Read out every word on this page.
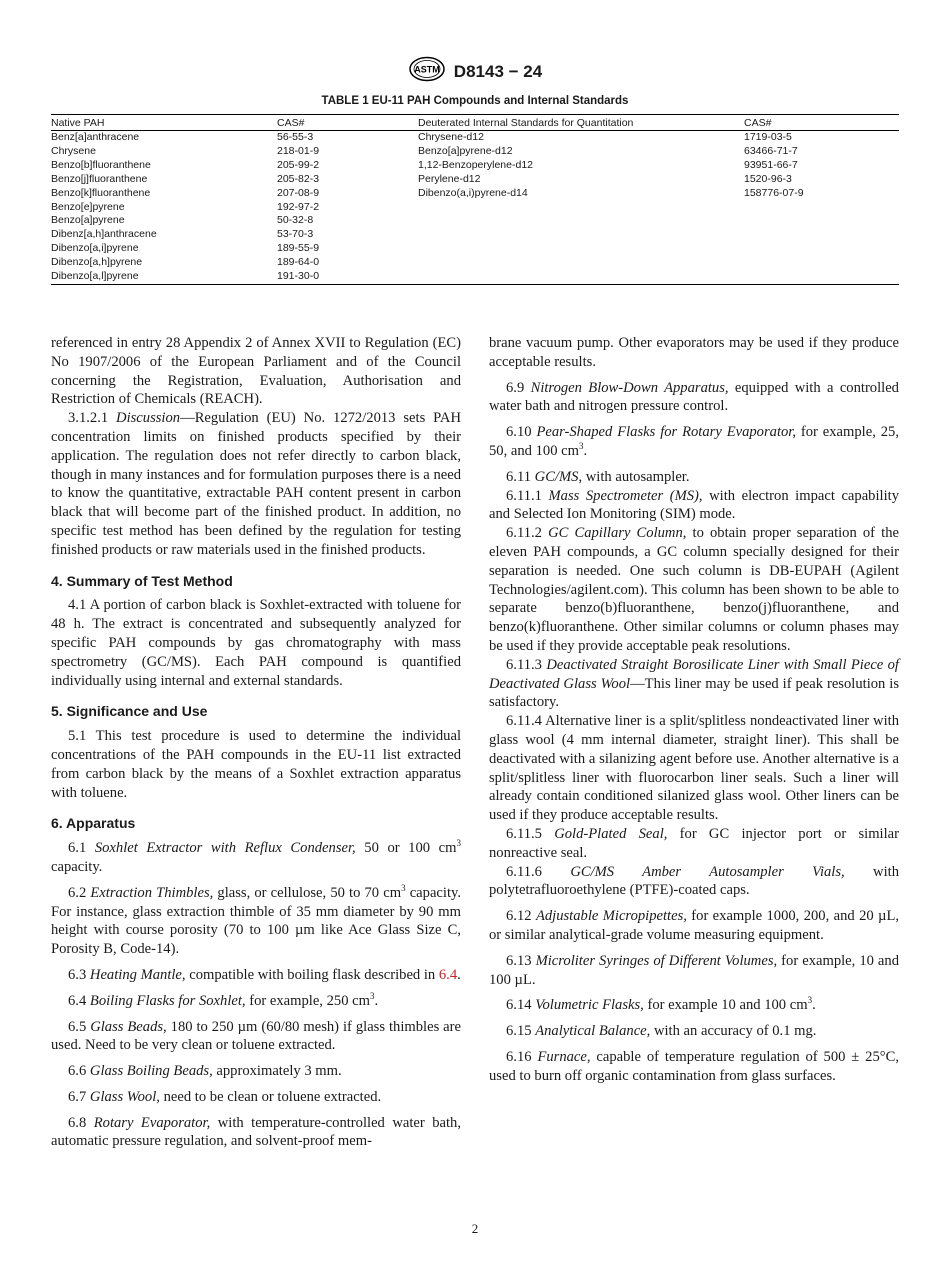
ASTM D8143 − 24
TABLE 1 EU-11 PAH Compounds and Internal Standards
Native PAH	CAS#	Deuterated Internal Standards for Quantitation	CAS#
Benz[a]anthracene	56-55-3	Chrysene-d12	1719-03-5
Chrysene	218-01-9	Benzo[a]pyrene-d12	63466-71-7
Benzo[b]fluoranthene	205-99-2	1,12-Benzoperylene-d12	93951-66-7
Benzo[j]fluoranthene	205-82-3	Perylene-d12	1520-96-3
Benzo[k]fluoranthene	207-08-9	Dibenzo(a,i)pyrene-d14	158776-07-9
Benzo[e]pyrene	192-97-2		
Benzo[a]pyrene	50-32-8		
Dibenz[a,h]anthracene	53-70-3		
Dibenzo[a,i]pyrene	189-55-9		
Dibenzo[a,h]pyrene	189-64-0		
Dibenzo[a,l]pyrene	191-30-0		

referenced in entry 28 Appendix 2 of Annex XVII to Regulation (EC) No 1907/2006 of the European Parliament and of the Council concerning the Registration, Evaluation, Authorisation and Restriction of Chemicals (REACH).

3.1.2.1 Discussion—Regulation (EU) No. 1272/2013 sets PAH concentration limits on finished products specified by their application. The regulation does not refer directly to carbon black, though in many instances and for formulation purposes there is a need to know the quantitative, extractable PAH content present in carbon black that will become part of the finished product. In addition, no specific test method has been defined by the regulation for testing finished products or raw materials used in the finished products.

4. Summary of Test Method

4.1 A portion of carbon black is Soxhlet-extracted with toluene for 48 h. The extract is concentrated and subsequently analyzed for specific PAH compounds by gas chromatography with mass spectrometry (GC/MS). Each PAH compound is quantified individually using internal and external standards.

5. Significance and Use

5.1 This test procedure is used to determine the individual concentrations of the PAH compounds in the EU-11 list extracted from carbon black by the means of a Soxhlet extraction apparatus with toluene.

6. Apparatus

6.1 Soxhlet Extractor with Reflux Condenser, 50 or 100 $cm^3$ capacity.

6.2 Extraction Thimbles, glass, or cellulose, 50 to 70 $cm^3$ capacity. For instance, glass extraction thimble of 35 mm diameter by 90 mm height with course porosity (70 to 100 µm like Ace Glass Size C, Porosity B, Code-14).

6.3 Heating Mantle, compatible with boiling flask described in 6.4.

6.4 Boiling Flasks for Soxhlet, for example, 250 $cm^3$.

6.5 Glass Beads, 180 to 250 µm (60/80 mesh) if glass thimbles are used. Need to be very clean or toluene extracted.

6.6 Glass Boiling Beads, approximately 3 mm.

6.7 Glass Wool, need to be clean or toluene extracted.

6.8 Rotary Evaporator, with temperature-controlled water bath, automatic pressure regulation, and solvent-proof mem-

brane vacuum pump. Other evaporators may be used if they produce acceptable results.

6.9 Nitrogen Blow-Down Apparatus, equipped with a controlled water bath and nitrogen pressure control.

6.10 Pear-Shaped Flasks for Rotary Evaporator, for example, 25, 50, and 100 $cm^3$.

6.11 GC/MS, with autosampler.

6.11.1 Mass Spectrometer (MS), with electron impact capability and Selected Ion Monitoring (SIM) mode.

6.11.2 GC Capillary Column, to obtain proper separation of the eleven PAH compounds, a GC column specially designed for their separation is needed. One such column is DB-EUPAH (Agilent Technologies/agilent.com). This column has been shown to be able to separate benzo(b)fluoranthene, benzo(j)fluoranthene, and benzo(k)fluoranthene. Other similar columns or column phases may be used if they provide acceptable peak resolutions.

6.11.3 Deactivated Straight Borosilicate Liner with Small Piece of Deactivated Glass Wool—This liner may be used if peak resolution is satisfactory.

6.11.4 Alternative liner is a split/splitless nondeactivated liner with glass wool (4 mm internal diameter, straight liner). This shall be deactivated with a silanizing agent before use. Another alternative is a split/splitless liner with fluorocarbon liner seals. Such a liner will already contain conditioned silanized glass wool. Other liners can be used if they produce acceptable results.

6.11.5 Gold-Plated Seal, for GC injector port or similar nonreactive seal.

6.11.6 GC/MS Amber Autosampler Vials, with polytetrafluoroethylene (PTFE)-coated caps.

6.12 Adjustable Micropipettes, for example 1000, 200, and 20 µL, or similar analytical-grade volume measuring equipment.

6.13 Microliter Syringes of Different Volumes, for example, 10 and 100 µL.

6.14 Volumetric Flasks, for example 10 and 100 $cm^3$.

6.15 Analytical Balance, with an accuracy of 0.1 mg.

6.16 Furnace, capable of temperature regulation of 500 ± 25°C, used to burn off organic contamination from glass surfaces.

2
